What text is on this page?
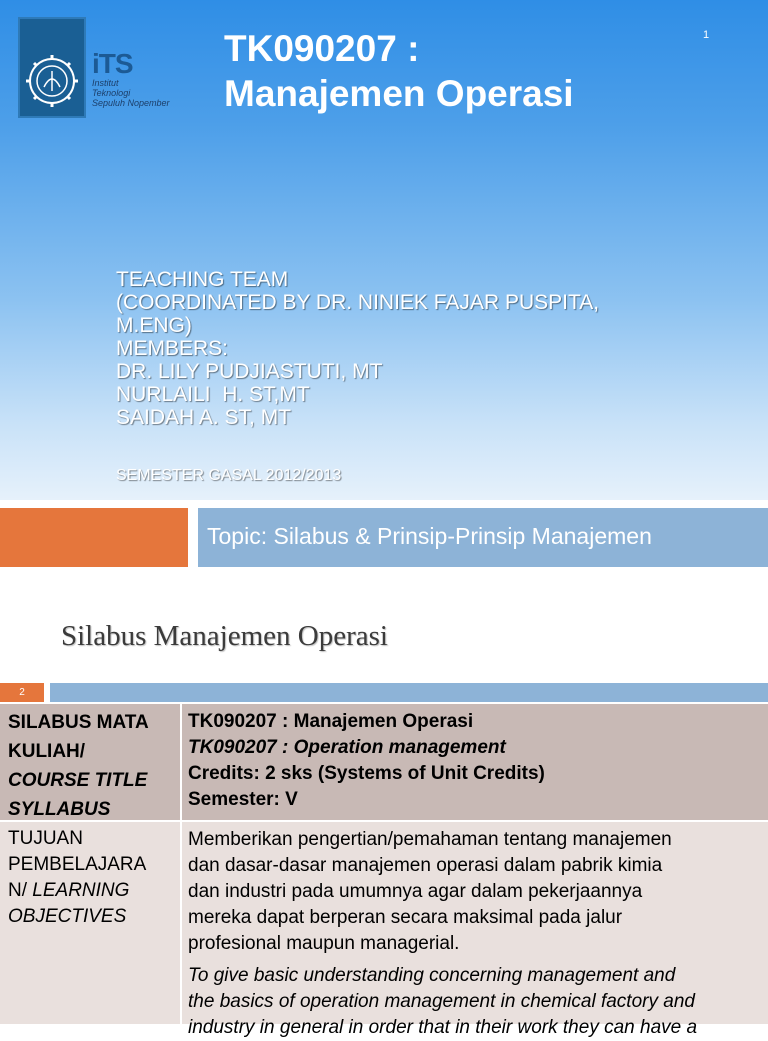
iTS
Institut
Teknologi
Sepuluh Nopember
1
TK090207 :
Manajemen Operasi
TEACHING TEAM
(COORDINATED BY DR. NINIEK FAJAR PUSPITA,
M.ENG)
MEMBERS:
DR. LILY PUDJIASTUTI, MT
NURLAILI  H. ST,MT
SAIDAH A. ST, MT
SEMESTER GASAL 2012/2013
Topic: Silabus & Prinsip-Prinsip Manajemen
Silabus Manajemen Operasi
2
SILABUS MATA
KULIAH/
COURSE TITLE
SYLLABUS
TK090207 : Manajemen Operasi
TK090207 : Operation management
Credits: 2 sks (Systems of Unit Credits)
Semester: V
TUJUAN
PEMBELAJARA
N/ LEARNING
OBJECTIVES
Memberikan pengertian/pemahaman tentang manajemen
dan dasar-dasar manajemen operasi dalam pabrik kimia
dan industri pada umumnya agar dalam pekerjaannya
mereka dapat berperan secara maksimal pada jalur
profesional maupun managerial.
To give basic understanding concerning management and
the basics of operation management in chemical factory and
industry in general in order that in their work they can have a
